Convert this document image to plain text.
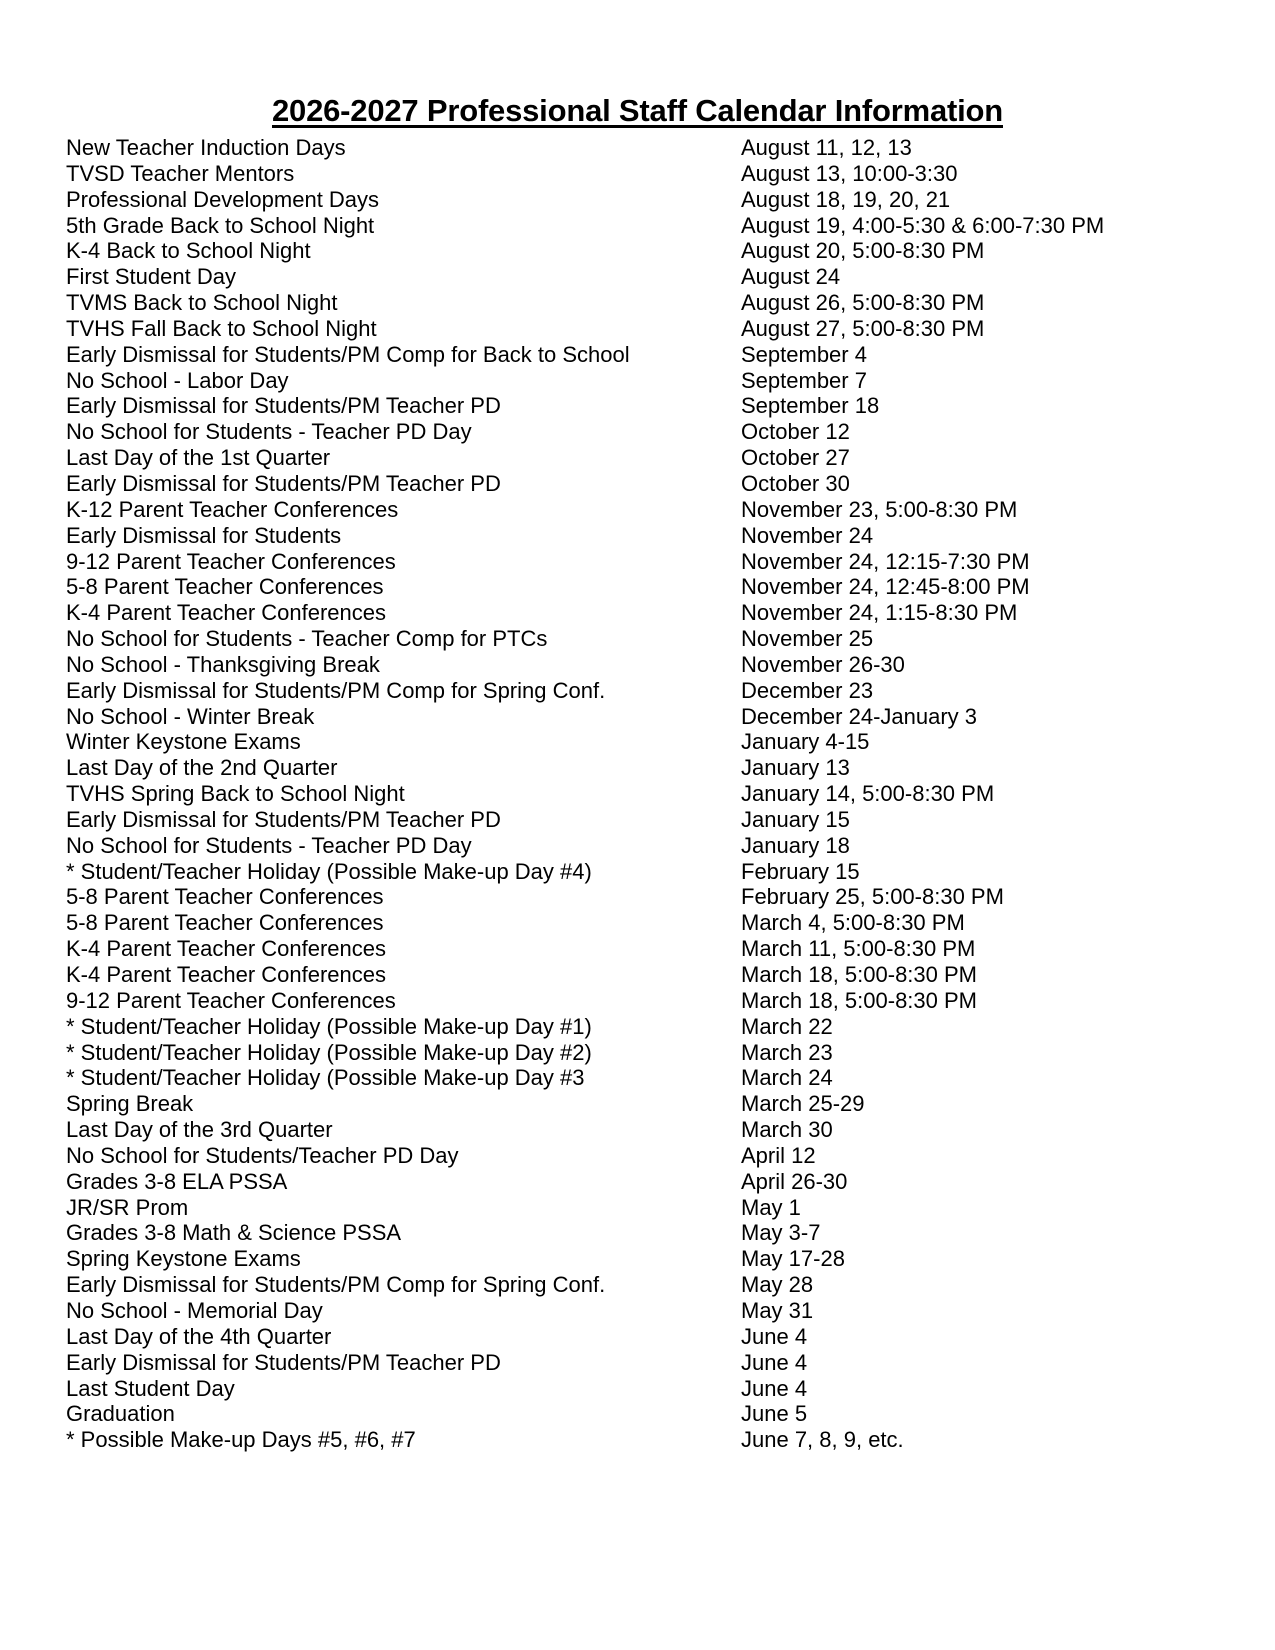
2026-2027 Professional Staff Calendar Information
New Teacher Induction Days	August 11, 12, 13
TVSD Teacher Mentors	August 13, 10:00-3:30
Professional Development Days	August 18, 19, 20, 21
5th Grade Back to School Night	August 19, 4:00-5:30 & 6:00-7:30 PM
K-4 Back to School Night	August 20, 5:00-8:30 PM
First Student Day	August 24
TVMS Back to School Night	August 26, 5:00-8:30 PM
TVHS Fall Back to School Night	August 27, 5:00-8:30 PM
Early Dismissal for Students/PM Comp for Back to School	September 4
No School - Labor Day	September 7
Early Dismissal for Students/PM Teacher PD	September 18
No School for Students - Teacher PD Day	October 12
Last Day of the 1st Quarter	October 27
Early Dismissal for Students/PM Teacher PD	October 30
K-12 Parent Teacher Conferences	November 23, 5:00-8:30 PM
Early Dismissal for Students	November 24
9-12 Parent Teacher Conferences	November 24, 12:15-7:30 PM
5-8 Parent Teacher Conferences	November 24, 12:45-8:00 PM
K-4 Parent Teacher Conferences	November 24, 1:15-8:30 PM
No School for Students - Teacher Comp for PTCs	November 25
No School - Thanksgiving Break	November 26-30
Early Dismissal for Students/PM Comp for Spring Conf.	December 23
No School - Winter Break	December 24-January 3
Winter Keystone Exams	January 4-15
Last Day of the 2nd Quarter	January 13
TVHS Spring Back to School Night	January 14, 5:00-8:30 PM
Early Dismissal for Students/PM Teacher PD	January 15
No School for Students - Teacher PD Day	January 18
* Student/Teacher Holiday (Possible Make-up Day #4)	February 15
5-8 Parent Teacher Conferences	February 25, 5:00-8:30 PM
5-8 Parent Teacher Conferences	March 4, 5:00-8:30 PM
K-4 Parent Teacher Conferences	March 11, 5:00-8:30 PM
K-4 Parent Teacher Conferences	March 18, 5:00-8:30 PM
9-12 Parent Teacher Conferences	March 18, 5:00-8:30 PM
* Student/Teacher Holiday (Possible Make-up Day #1)	March 22
* Student/Teacher Holiday (Possible Make-up Day #2)	March 23
* Student/Teacher Holiday (Possible Make-up Day #3	March 24
Spring Break	March 25-29
Last Day of the 3rd Quarter	March 30
No School for Students/Teacher PD Day	April 12
Grades 3-8 ELA PSSA	April 26-30
JR/SR Prom	May 1
Grades 3-8 Math & Science PSSA	May 3-7
Spring Keystone Exams	May 17-28
Early Dismissal for Students/PM Comp for Spring Conf.	May 28
No School - Memorial Day	May 31
Last Day of the 4th Quarter	June 4
Early Dismissal for Students/PM Teacher PD	June 4
Last Student Day	June 4
Graduation	June 5
* Possible Make-up Days #5, #6, #7	June 7, 8, 9, etc.
